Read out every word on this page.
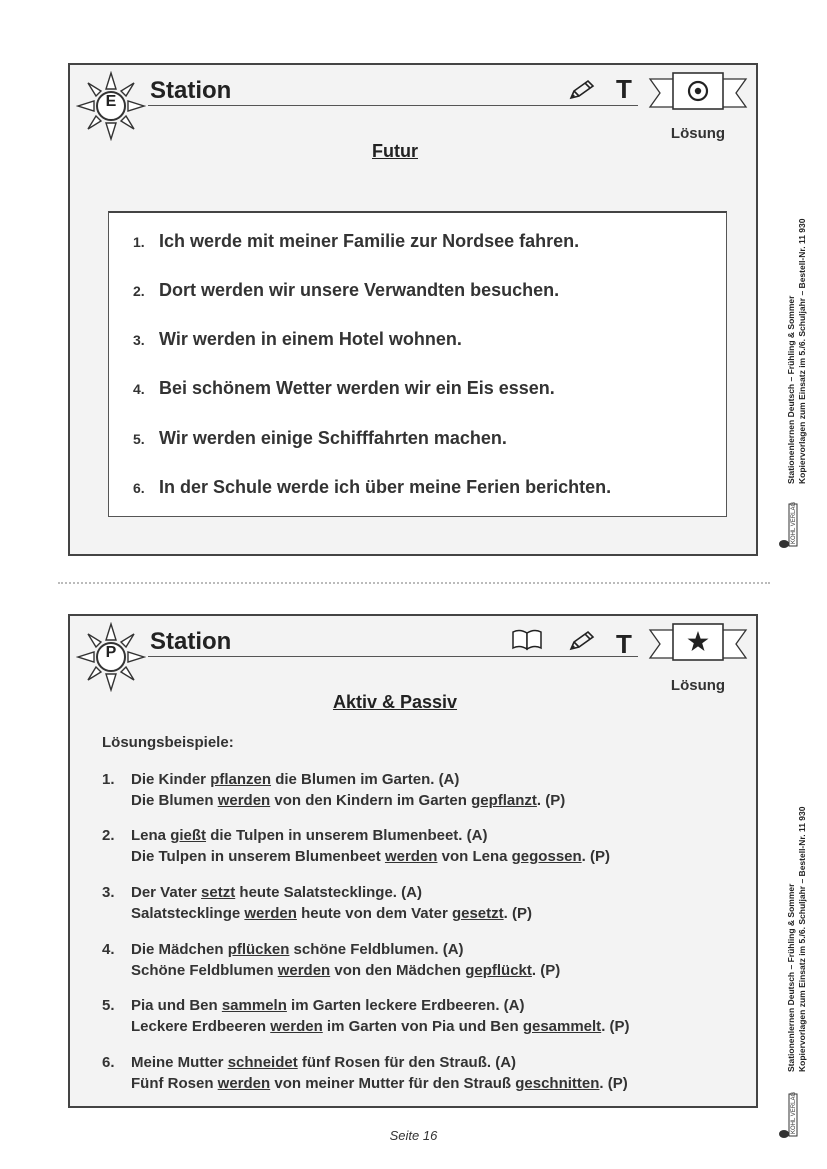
E Station	T
Lösung
Futur
1. Ich werde mit meiner Familie zur Nordsee fahren.
2. Dort werden wir unsere Verwandten besuchen.
3. Wir werden in einem Hotel wohnen.
4. Bei schönem Wetter werden wir ein Eis essen.
5. Wir werden einige Schifffahrten machen.
6. In der Schule werde ich über meine Ferien berichten.
P Station	T
Lösung
Aktiv & Passiv
Lösungsbeispiele:
1. Die Kinder pflanzen die Blumen im Garten. (A)
Die Blumen werden von den Kindern im Garten gepflanzt. (P)
2. Lena gießt die Tulpen in unserem Blumenbeet. (A)
Die Tulpen in unserem Blumenbeet werden von Lena gegossen. (P)
3. Der Vater setzt heute Salatstecklinge. (A)
Salatstecklinge werden heute von dem Vater gesetzt. (P)
4. Die Mädchen pflücken schöne Feldblumen. (A)
Schöne Feldblumen werden von den Mädchen gepflückt. (P)
5. Pia und Ben sammeln im Garten leckere Erdbeeren. (A)
Leckere Erdbeeren werden im Garten von Pia und Ben gesammelt. (P)
6. Meine Mutter schneidet fünf Rosen für den Strauß. (A)
Fünf Rosen werden von meiner Mutter für den Strauß geschnitten. (P)
Stationenlernen Deutsch – Frühling & Sommer Kopiervorlagen zum Einsatz im 5./6. Schuljahr – Bestell-Nr. 11 930
Stationenlernen Deutsch – Frühling & Sommer Kopiervorlagen zum Einsatz im 5./6. Schuljahr – Bestell-Nr. 11 930
KOHL VERLAG
KOHL VERLAG
Seite 16
